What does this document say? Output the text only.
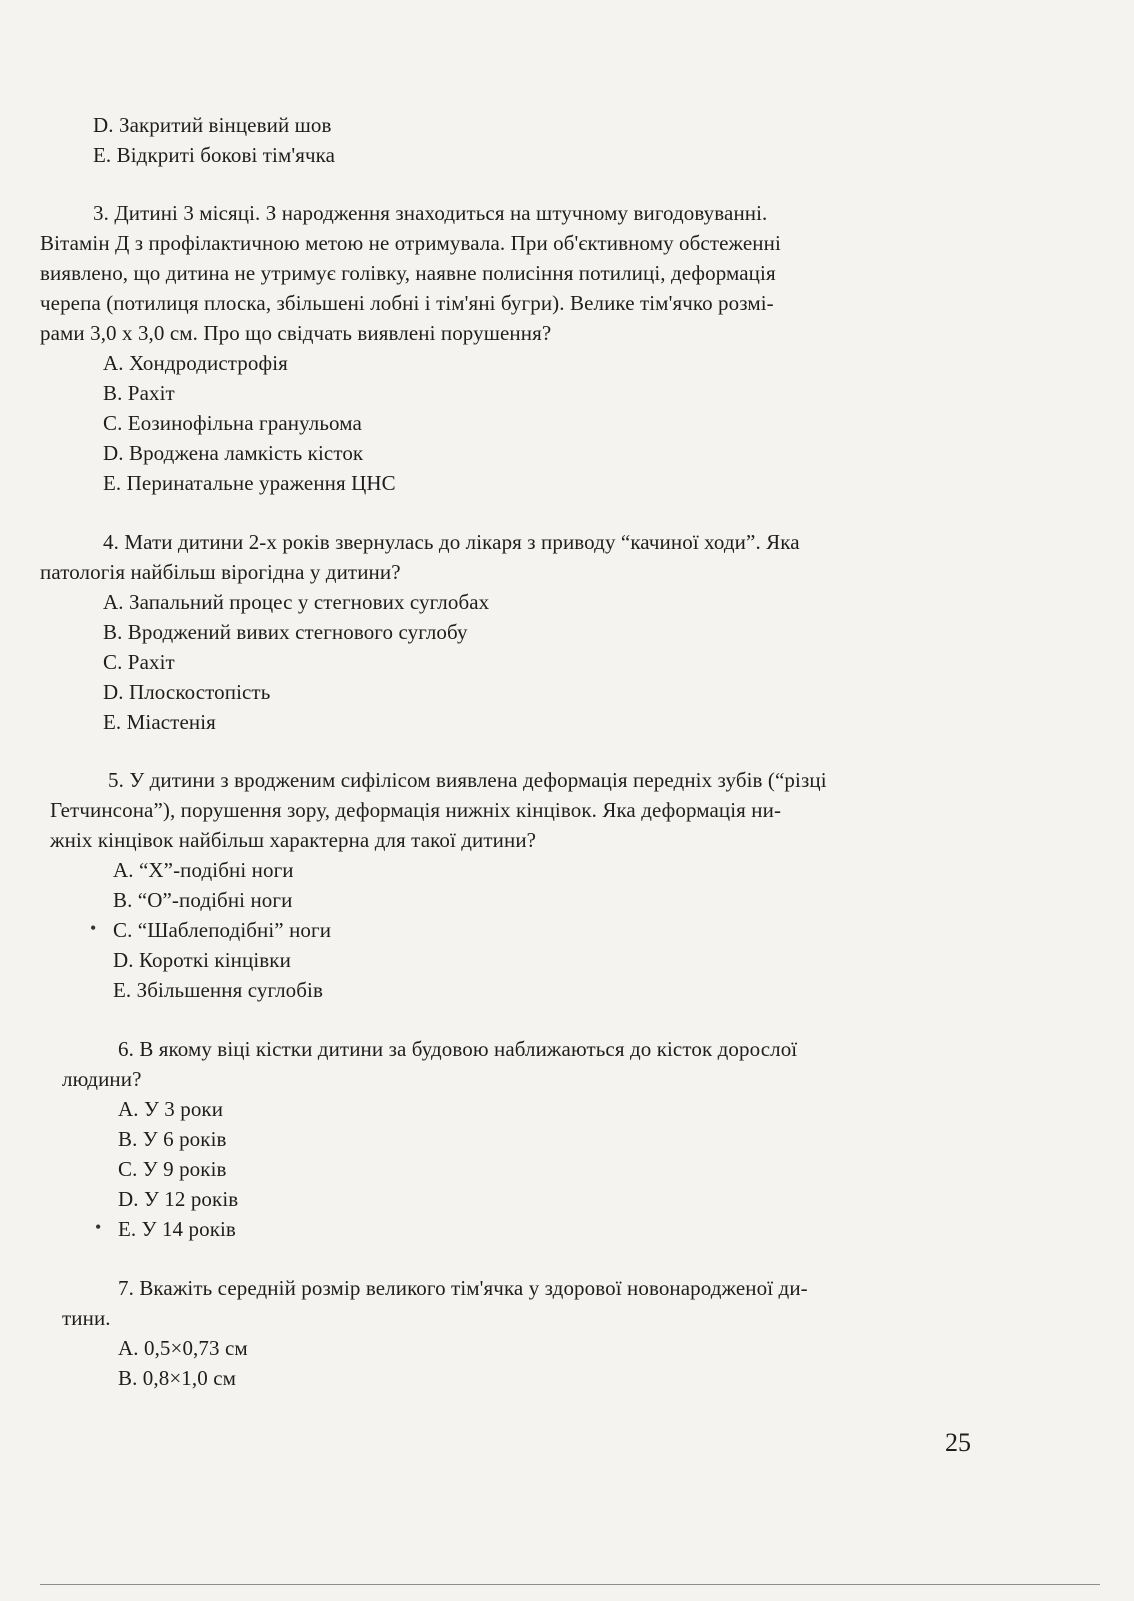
D. Закритий вінцевий шов
E. Відкриті бокові тім'ячка
3. Дитині 3 місяці. З народження знаходиться на штучному вигодовуванні.
Вітамін Д з профілактичною метою не отримувала. При об'єктивному обстеженні
виявлено, що дитина не утримує голівку, наявне полисіння потилиці, деформація
черепа (потилиця плоска, збільшені лобні і тім'яні бугри). Велике тім'ячко розмі-
рами 3,0 x 3,0 см. Про що свідчать виявлені порушення?
A. Хондродистрофія
B. Рахіт
C. Еозинофільна гранульома
D. Вроджена ламкість кісток
E. Перинатальне ураження ЦНС
4. Мати дитини 2-х років звернулась до лікаря з приводу “качиної ходи”. Яка
патологія найбільш вірогідна у дитини?
A. Запальний процес у стегнових суглобах
B. Вроджений вивих стегнового суглобу
C. Рахіт
D. Плоскостопість
E. Міастенія
5. У дитини з вродженим сифілісом виявлена деформація передніх зубів (“різці
Гетчинсона”), порушення зору, деформація нижніх кінцівок. Яка деформація ни-
жніх кінцівок найбільш характерна для такої дитини?
A. “X”-подібні ноги
B. “O”-подібні ноги
• C. “Шаблеподібні” ноги
D. Короткі кінцівки
E. Збільшення суглобів
6. В якому віці кістки дитини за будовою наближаються до кісток дорослої
людини?
A. У 3 роки
B. У 6 років
C. У 9 років
D. У 12 років
• E. У 14 років
7. Вкажіть середній розмір великого тім'ячка у здорової новонародженої ди-
тини.
A. 0,5×0,73 см
B. 0,8×1,0 см
25
